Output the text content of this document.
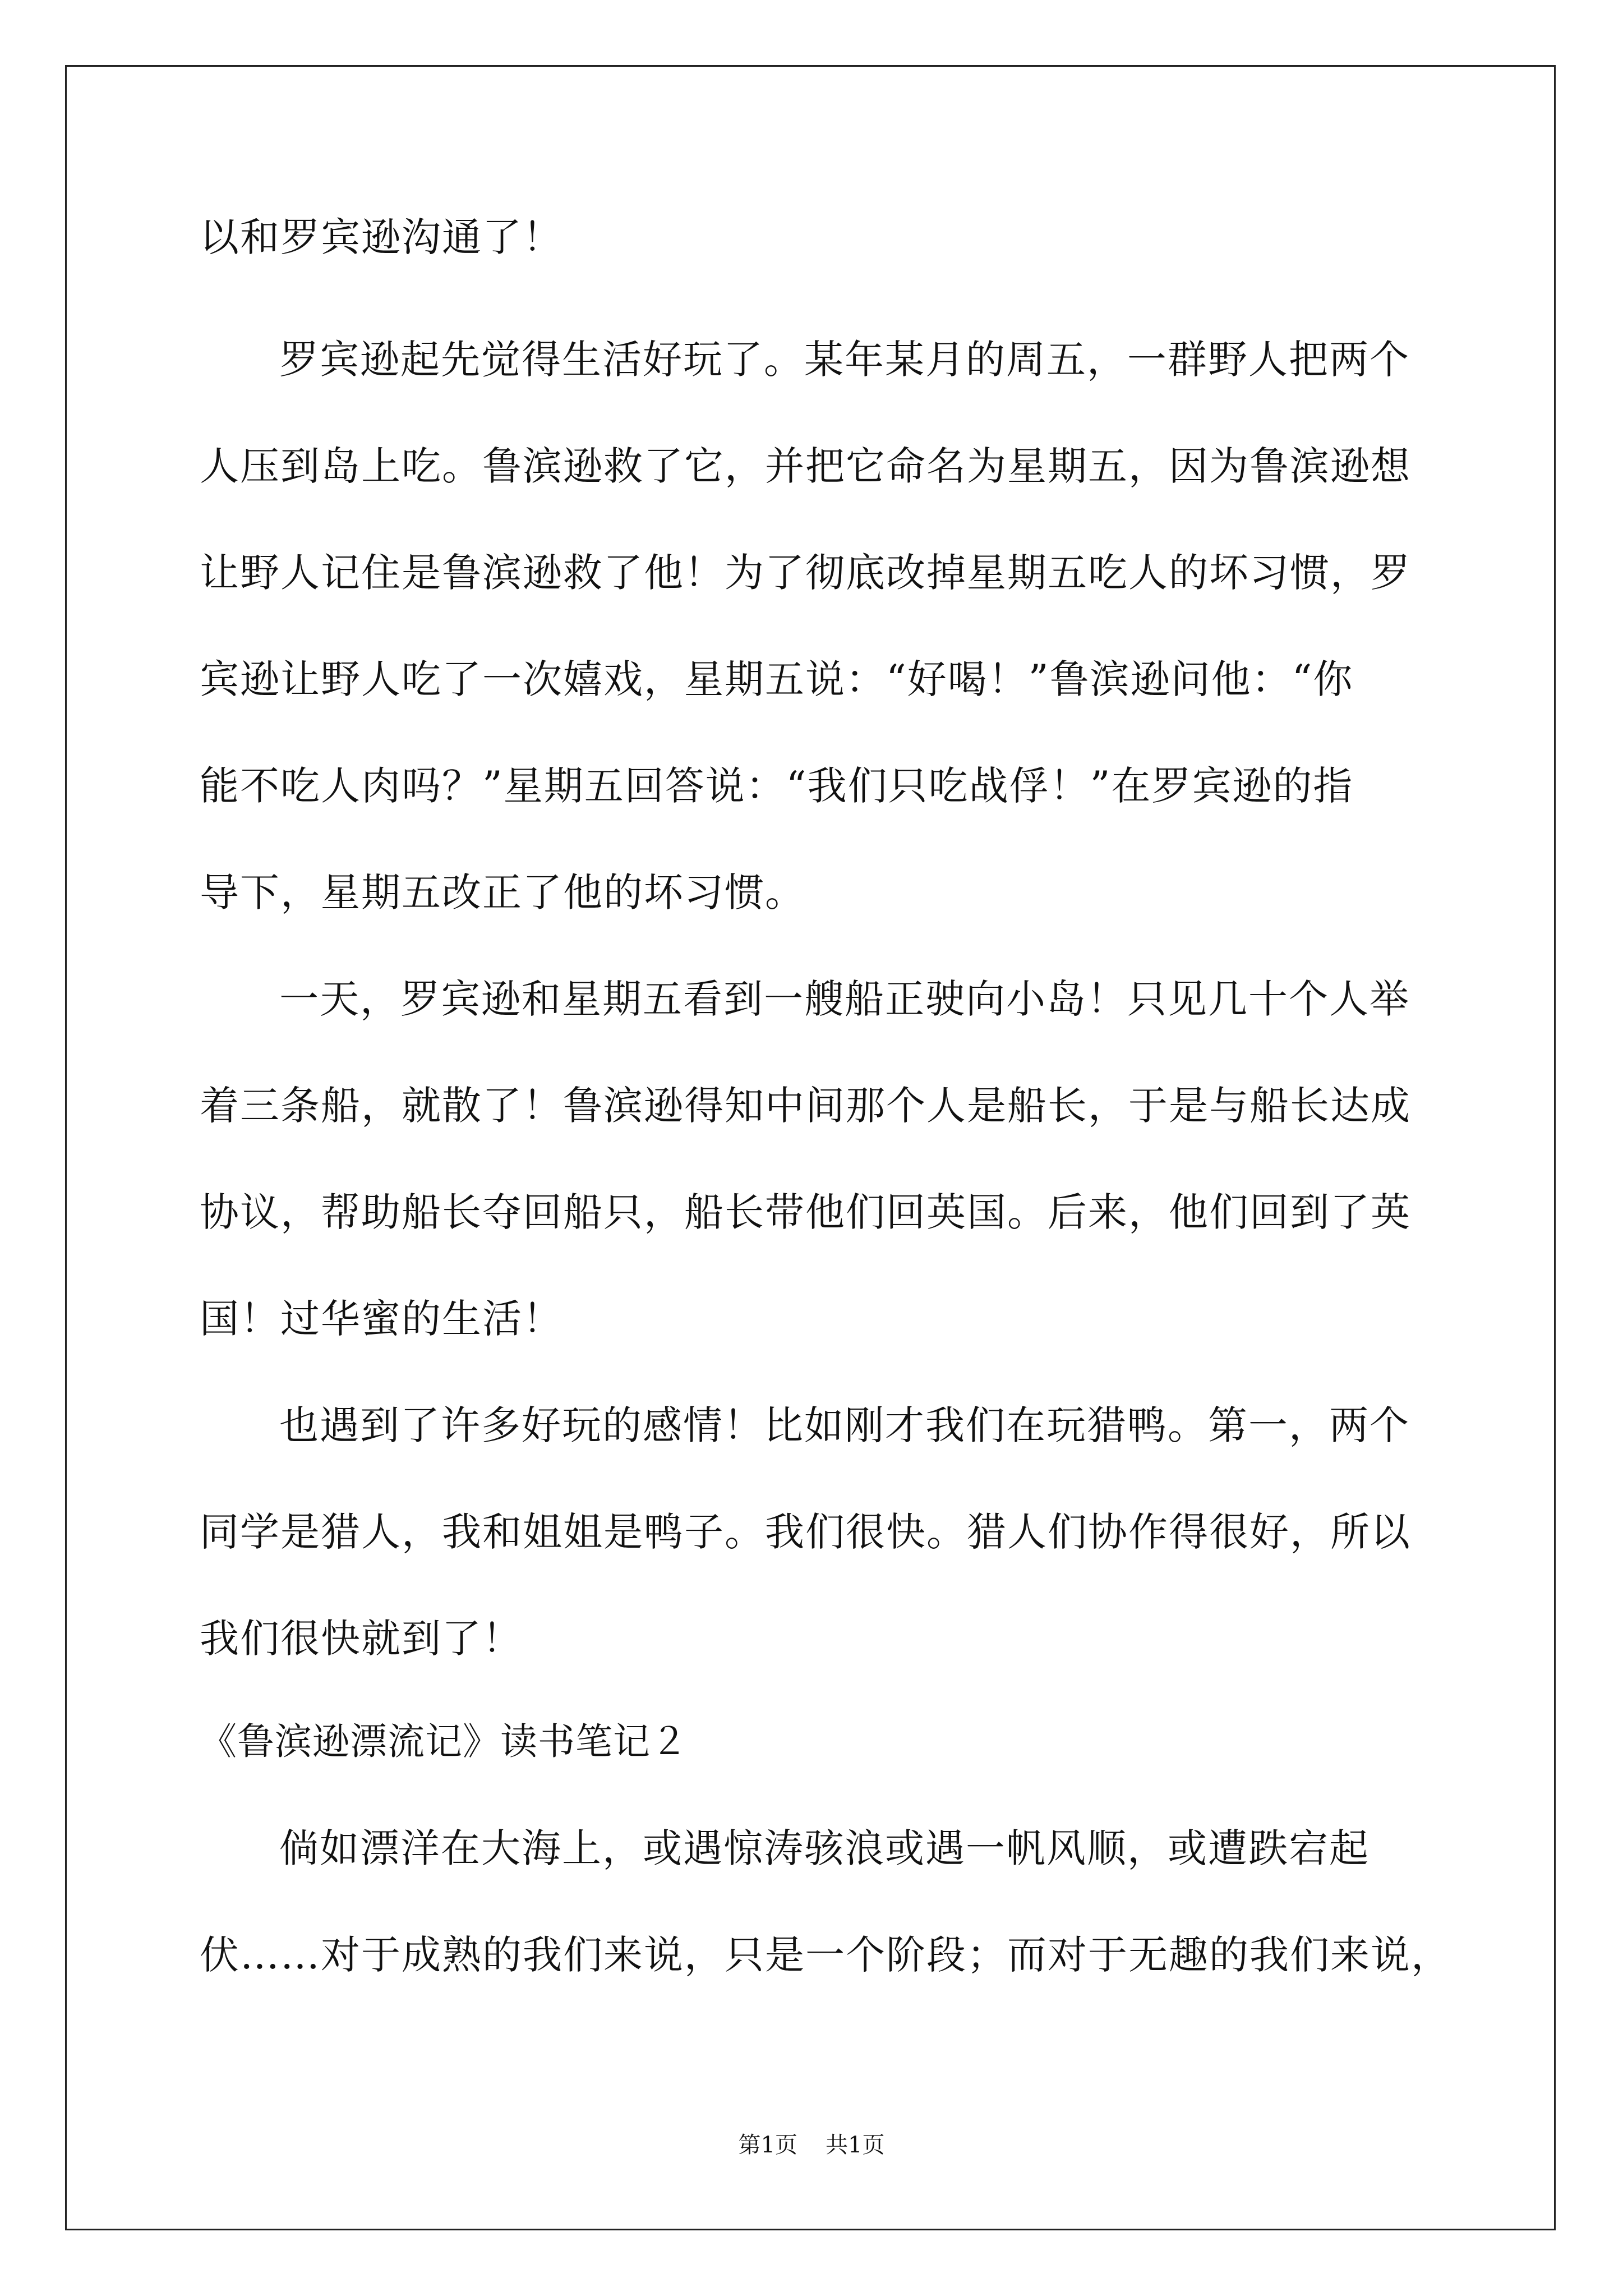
以和罗宾逊沟通了！
罗宾逊起先觉得生活好玩了。某年某月的周五，一群野人把两个
人压到岛上吃。鲁滨逊救了它，并把它命名为星期五，因为鲁滨逊想
让野人记住是鲁滨逊救了他！为了彻底改掉星期五吃人的坏习惯，罗
宾逊让野人吃了一次嬉戏，星期五说：“好喝！”鲁滨逊问他：“你
能不吃人肉吗？”星期五回答说：“我们只吃战俘！”在罗宾逊的指
导下，星期五改正了他的坏习惯。
一天，罗宾逊和星期五看到一艘船正驶向小岛！只见几十个人举
着三条船，就散了！鲁滨逊得知中间那个人是船长，于是与船长达成
协议，帮助船长夺回船只，船长带他们回英国。后来，他们回到了英
国！过华蜜的生活！
也遇到了许多好玩的感情！比如刚才我们在玩猎鸭。第一，两个
同学是猎人，我和姐姐是鸭子。我们很快。猎人们协作得很好，所以
我们很快就到了！
《鲁滨逊漂流记》读书笔记２
倘如漂洋在大海上，或遇惊涛骇浪或遇一帆风顺，或遭跌宕起
伏……对于成熟的我们来说，只是一个阶段；而对于无趣的我们来说，
第1页 共1页
